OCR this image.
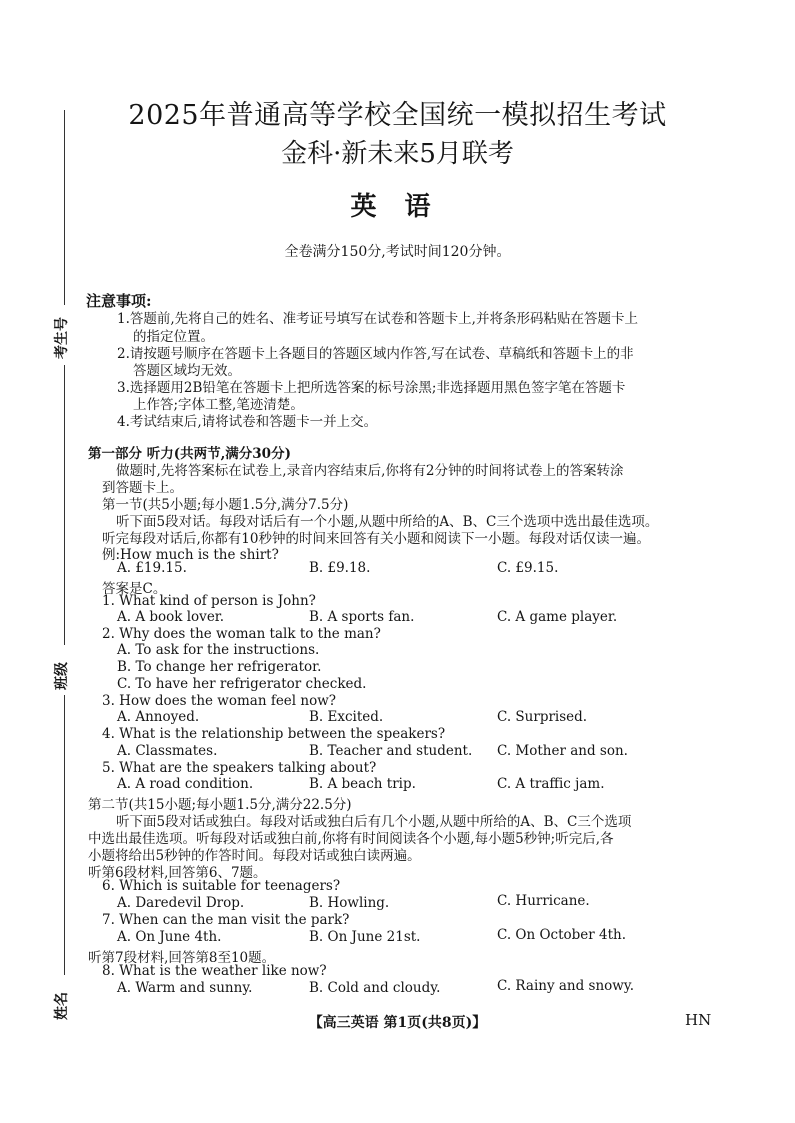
考生号
班级
姓名
2025年普通高等学校全国统一模拟招生考试
金科·新未来5月联考
英语
全卷满分150分,考试时间120分钟。
注意事项:
1.答题前,先将自己的姓名、准考证号填写在试卷和答题卡上,并将条形码粘贴在答题卡上
的指定位置。
2.请按题号顺序在答题卡上各题目的答题区域内作答,写在试卷、草稿纸和答题卡上的非
答题区域均无效。
3.选择题用2B铅笔在答题卡上把所选答案的标号涂黑;非选择题用黑色签字笔在答题卡
上作答;字体工整,笔迹清楚。
4.考试结束后,请将试卷和答题卡一并上交。
第一部分 听力(共两节,满分30分)
做题时,先将答案标在试卷上,录音内容结束后,你将有2分钟的时间将试卷上的答案转涂
到答题卡上。
第一节(共5小题;每小题1.5分,满分7.5分)
听下面5段对话。每段对话后有一个小题,从题中所给的A、B、C三个选项中选出最佳选项。
听完每段对话后,你都有10秒钟的时间来回答有关小题和阅读下一小题。每段对话仅读一遍。
例:How much is the shirt?
A. £19.15.	B. £9.18.	C. £9.15.
答案是C。
1. What kind of person is John?
A. A book lover.	B. A sports fan.	C. A game player.
2. Why does the woman talk to the man?
A. To ask for the instructions.
B. To change her refrigerator.
C. To have her refrigerator checked.
3. How does the woman feel now?
A. Annoyed.	B. Excited.	C. Surprised.
4. What is the relationship between the speakers?
A. Classmates.	B. Teacher and student. C. Mother and son.
5. What are the speakers talking about?
A. A road condition.	B. A beach trip.	C. A traffic jam.
第二节(共15小题;每小题1.5分,满分22.5分)
听下面5段对话或独白。每段对话或独白后有几个小题,从题中所给的A、B、C三个选项
中选出最佳选项。听每段对话或独白前,你将有时间阅读各个小题,每小题5秒钟;听完后,各
小题将给出5秒钟的作答时间。每段对话或独白读两遍。
听第6段材料,回答第6、7题。
6. Which is suitable for teenagers?
A. Daredevil Drop.	B. Howling.	C. Hurricane.
7. When can the man visit the park?
A. On June 4th.	B. On June 21st.	C. On October 4th.
听第7段材料,回答第8至10题。
8. What is the weather like now?
A. Warm and sunny.	B. Cold and cloudy.	C. Rainy and snowy.
【高三英语 第1页(共8页)】	HN
